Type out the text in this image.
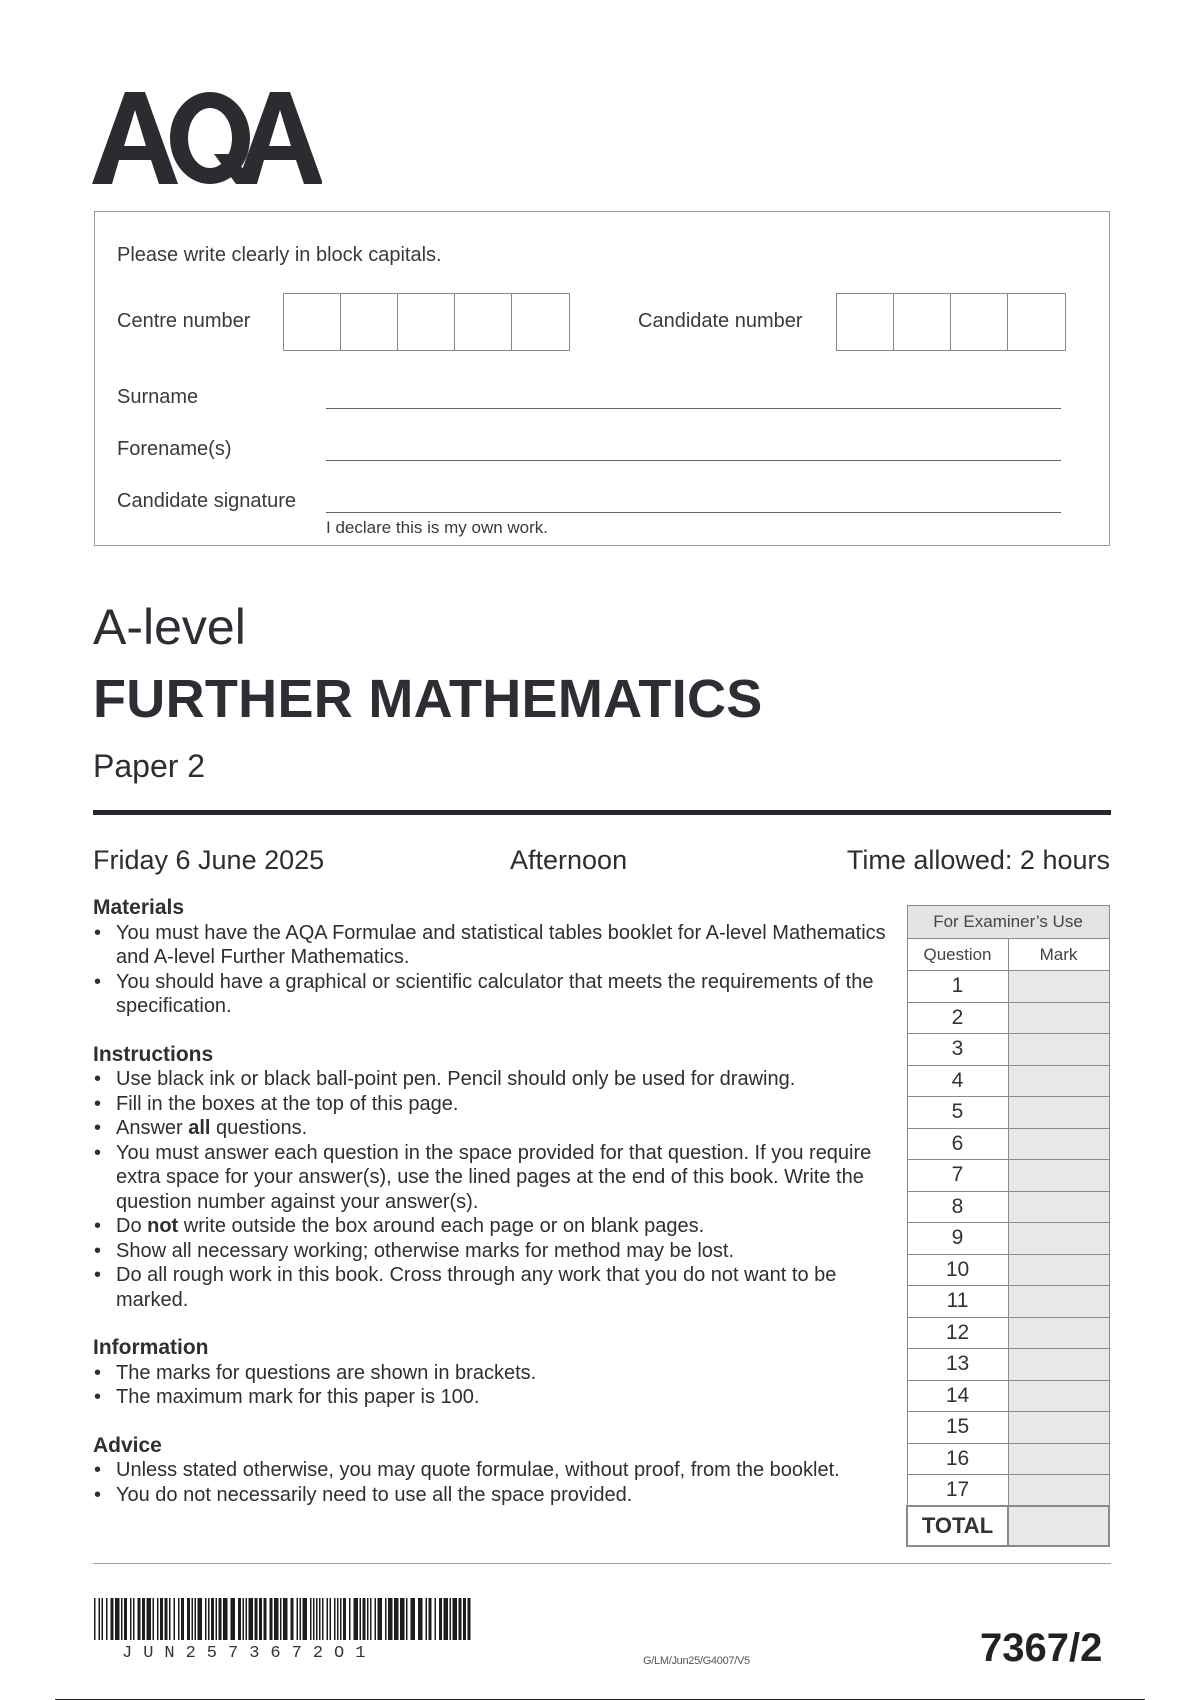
Please write clearly in block capitals.
Centre number	Candidate number
Surname
Forename(s)
Candidate signature
I declare this is my own work.
A-level
FURTHER MATHEMATICS
Paper 2
Friday 6 June 2025	Afternoon	Time allowed: 2 hours
Materials
• You must have the AQA Formulae and statistical tables booklet for A-level Mathematics and A-level Further Mathematics.
• You should have a graphical or scientific calculator that meets the requirements of the specification.
Instructions
• Use black ink or black ball-point pen. Pencil should only be used for drawing.
• Fill in the boxes at the top of this page.
• Answer all questions.
• You must answer each question in the space provided for that question. If you require extra space for your answer(s), use the lined pages at the end of this book. Write the question number against your answer(s).
• Do not write outside the box around each page or on blank pages.
• Show all necessary working; otherwise marks for method may be lost.
• Do all rough work in this book. Cross through any work that you do not want to be marked.
Information
• The marks for questions are shown in brackets.
• The maximum mark for this paper is 100.
Advice
• Unless stated otherwise, you may quote formulae, without proof, from the booklet.
• You do not necessarily need to use all the space provided.
For Examiner’s Use	
Question	Mark
1	
2	
3	
4	
5	
6	
7	
8	
9	
10	
11	
12	
13	
14	
15	
16	
17	
TOTAL	
JUN2573672O1	G/LM/Jun25/G4007/V5	7367/2
